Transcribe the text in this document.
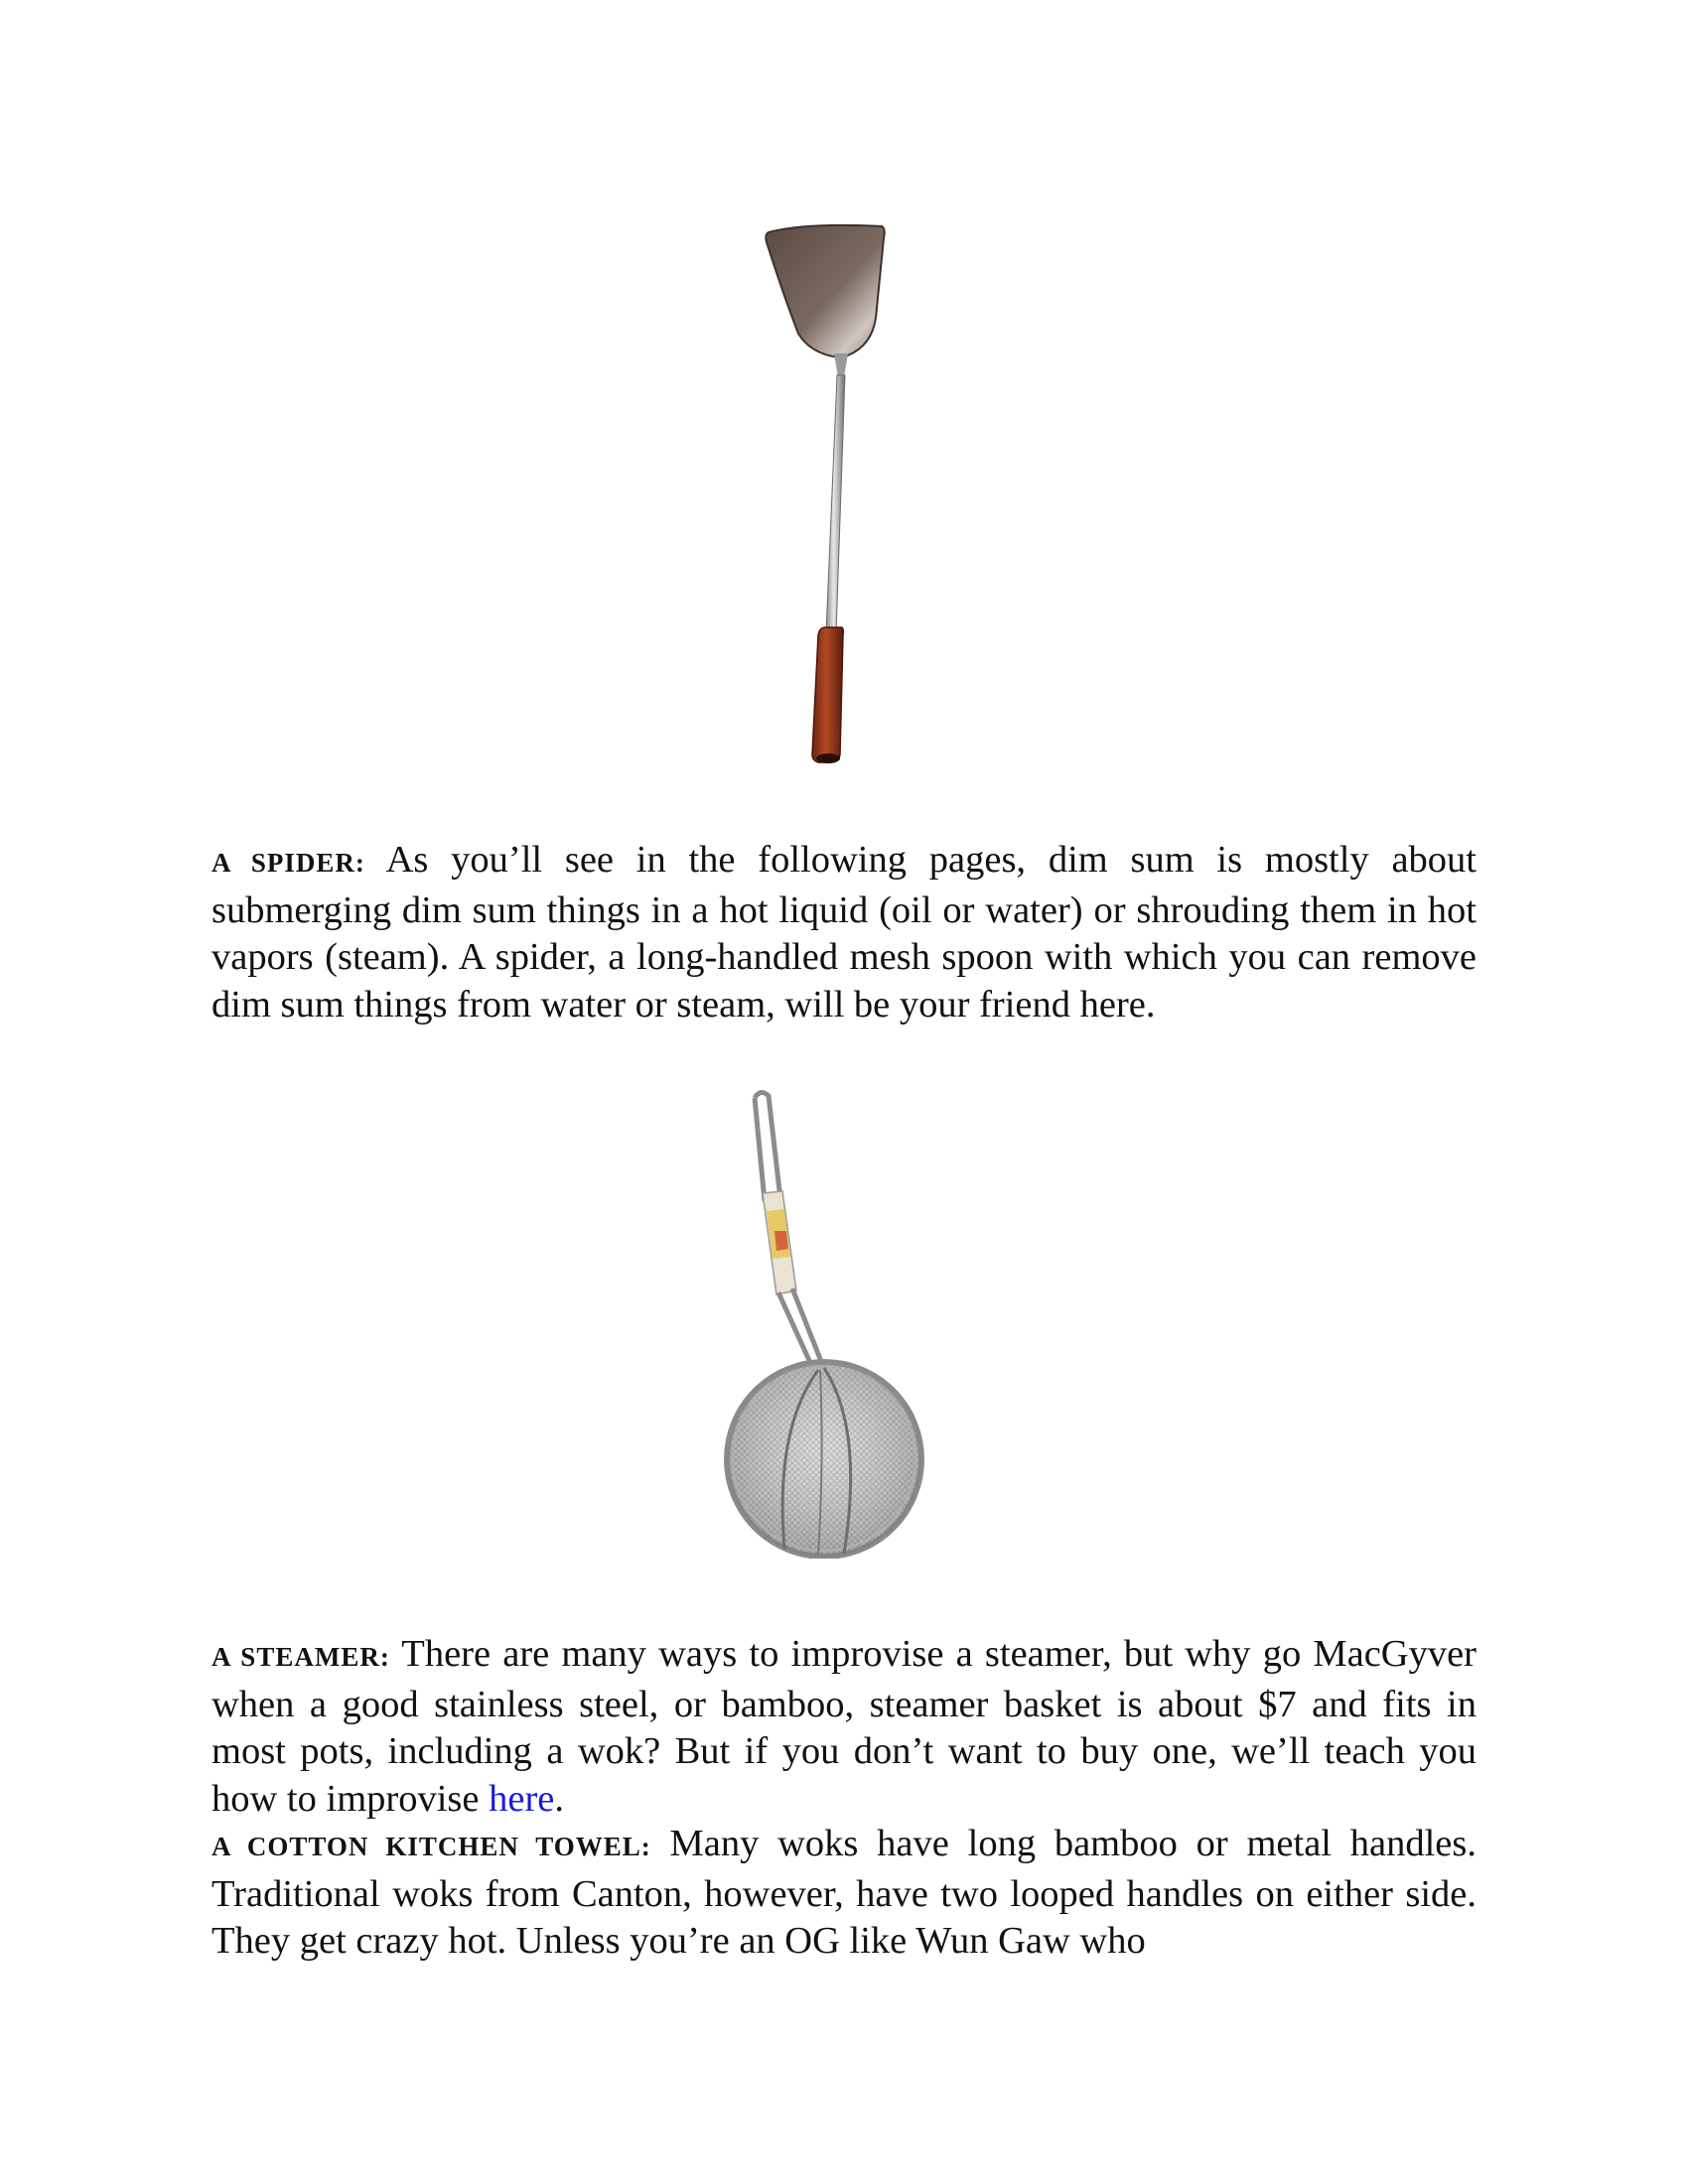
A SPIDER: As you’ll see in the following pages, dim sum is mostly about submerging dim sum things in a hot liquid (oil or water) or shrouding them in hot vapors (steam). A spider, a long-handled mesh spoon with which you can remove dim sum things from water or steam, will be your friend here.

A STEAMER: There are many ways to improvise a steamer, but why go MacGyver when a good stainless steel, or bamboo, steamer basket is about $7 and fits in most pots, including a wok? But if you don’t want to buy one, we’ll teach you how to improvise here.

A COTTON KITCHEN TOWEL: Many woks have long bamboo or metal handles. Traditional woks from Canton, however, have two looped handles on either side. They get crazy hot. Unless you’re an OG like Wun Gaw who
